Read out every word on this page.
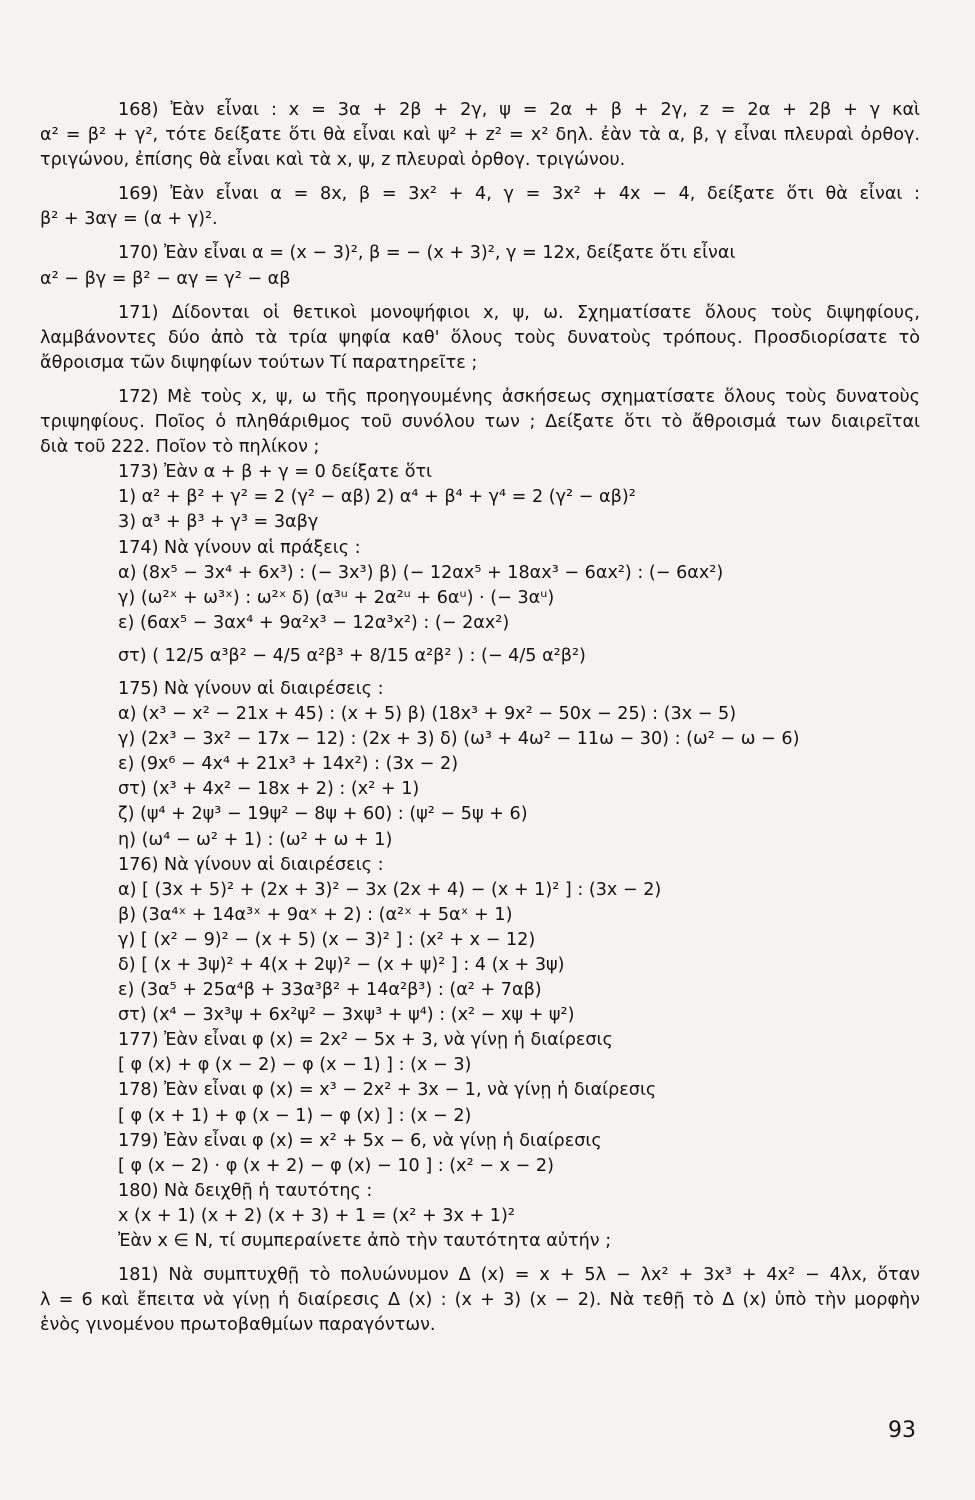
168) Ἐὰν εἶναι : x = 3α + 2β + 2γ, ψ = 2α + β + 2γ, z = 2α + 2β + γ καὶ
α² = β² + γ², τότε δείξατε ὅτι θὰ εἶναι καὶ ψ² + z² = x² δηλ. ἐὰν τὰ α, β, γ εἶναι πλευραὶ ὀρθογ.
τριγώνου, ἐπίσης θὰ εἶναι καὶ τὰ x, ψ, z πλευραὶ ὀρθογ. τριγώνου.
169) Ἐὰν εἶναι α = 8x, β = 3x² + 4, γ = 3x² + 4x − 4, δείξατε ὅτι θὰ εἶναι :
β² + 3αγ = (α + γ)².
170) Ἐὰν εἶναι α = (x − 3)², β = − (x + 3)², γ = 12x, δείξατε ὅτι εἶναι
α² − βγ = β² − αγ = γ² − αβ
171) Δίδονται οἱ θετικοὶ μονοψήφιοι x, ψ, ω. Σχηματίσατε ὅλους τοὺς διψηφίους,
λαμβάνοντες δύο ἀπὸ τὰ τρία ψηφία καθ' ὅλους τοὺς δυνατοὺς τρόπους. Προσδιορίσατε τὸ
ἄθροισμα τῶν διψηφίων τούτων Τί παρατηρεῖτε ;
172) Μὲ τοὺς x, ψ, ω τῆς προηγουμένης ἀσκήσεως σχηματίσατε ὅλους τοὺς δυνατοὺς
τριψηφίους. Ποῖος ὁ πληθάριθμος τοῦ συνόλου των ; Δείξατε ὅτι τὸ ἄθροισμά των διαιρεῖται
διὰ τοῦ 222. Ποῖον τὸ πηλίκον ;
173) Ἐὰν α + β + γ = 0 δείξατε ὅτι
1) α² + β² + γ² = 2 (γ² − αβ) 2) α⁴ + β⁴ + γ⁴ = 2 (γ² − αβ)²
3) α³ + β³ + γ³ = 3αβγ
174) Νὰ γίνουν αἱ πράξεις :
α) (8x⁵ − 3x⁴ + 6x³) : (− 3x³) β) (− 12αx⁵ + 18αx³ − 6αx²) : (− 6αx²)
γ) (ω²ˣ + ω³ˣ) : ω²ˣ δ) (α³ᵘ + 2α²ᵘ + 6αᵘ) · (− 3αᵘ)
ε) (6αx⁵ − 3αx⁴ + 9α²x³ − 12α³x²) : (− 2αx²)
στ) ( 12/5 α³β² − 4/5 α²β³ + 8/15 α²β² ) : (− 4/5 α²β²)
175) Νὰ γίνουν αἱ διαιρέσεις :
α) (x³ − x² − 21x + 45) : (x + 5) β) (18x³ + 9x² − 50x − 25) : (3x − 5)
γ) (2x³ − 3x² − 17x − 12) : (2x + 3) δ) (ω³ + 4ω² − 11ω − 30) : (ω² − ω − 6)
ε) (9x⁶ − 4x⁴ + 21x³ + 14x²) : (3x − 2)
στ) (x³ + 4x² − 18x + 2) : (x² + 1)
ζ) (ψ⁴ + 2ψ³ − 19ψ² − 8ψ + 60) : (ψ² − 5ψ + 6)
η) (ω⁴ − ω² + 1) : (ω² + ω + 1)
176) Νὰ γίνουν αἱ διαιρέσεις :
α) [ (3x + 5)² + (2x + 3)² − 3x (2x + 4) − (x + 1)² ] : (3x − 2)
β) (3α⁴ˣ + 14α³ˣ + 9αˣ + 2) : (α²ˣ + 5αˣ + 1)
γ) [ (x² − 9)² − (x + 5) (x − 3)² ] : (x² + x − 12)
δ) [ (x + 3ψ)² + 4(x + 2ψ)² − (x + ψ)² ] : 4 (x + 3ψ)
ε) (3α⁵ + 25α⁴β + 33α³β² + 14α²β³) : (α² + 7αβ)
στ) (x⁴ − 3x³ψ + 6x²ψ² − 3xψ³ + ψ⁴) : (x² − xψ + ψ²)
177) Ἐὰν εἶναι φ (x) = 2x² − 5x + 3, νὰ γίνῃ ἡ διαίρεσις
[ φ (x) + φ (x − 2) − φ (x − 1) ] : (x − 3)
178) Ἐὰν εἶναι φ (x) = x³ − 2x² + 3x − 1, νὰ γίνῃ ἡ διαίρεσις
[ φ (x + 1) + φ (x − 1) − φ (x) ] : (x − 2)
179) Ἐὰν εἶναι φ (x) = x² + 5x − 6, νὰ γίνῃ ἡ διαίρεσις
[ φ (x − 2) · φ (x + 2) − φ (x) − 10 ] : (x² − x − 2)
180) Νὰ δειχθῇ ἡ ταυτότης :
x (x + 1) (x + 2) (x + 3) + 1 = (x² + 3x + 1)²
Ἐὰν x ∈ N, τί συμπεραίνετε ἀπὸ τὴν ταυτότητα αὐτήν ;
181) Νὰ συμπτυχθῇ τὸ πολυώνυμον Δ (x) = x + 5λ − λx² + 3x³ + 4x² − 4λx, ὅταν
λ = 6 καὶ ἔπειτα νὰ γίνῃ ἡ διαίρεσις Δ (x) : (x + 3) (x − 2). Νὰ τεθῇ τὸ Δ (x) ὑπὸ τὴν μορφὴν
ἑνὸς γινομένου πρωτοβαθμίων παραγόντων.
93
